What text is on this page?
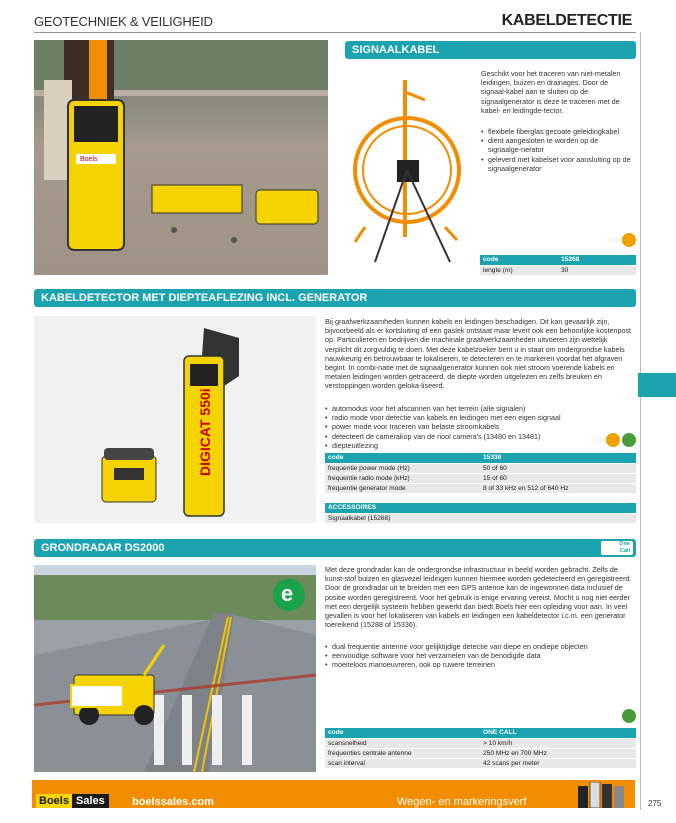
GEOTECHNIEK & VEILIGHEID	KABELDETECTIE
Boels
SIGNAALKABEL
Geschikt voor het traceren van niet-metalen leidingen, buizen en drainages. Door de signaal-kabel aan te sluiten op de signaalgenerator is deze te traceren met de kabel- en leidingde-tector.
• flexibele fiberglas gecoate geleidingkabel
• dient aangesloten te worden op de signaalge-nerator
• geleverd met kabelset voor aansluiting op de signaalgenerator
code	15268
lengte (m)	30
KABELDETECTOR MET DIEPTEAFLEZING INCL. GENERATOR
DIGICAT 550i
Bij graafwerkzaamheden kunnen kabels en leidingen beschadigen. Dit kan gevaarlijk zijn, bijvoorbeeld als er kortsluiting of een gaslek ontstaat maar levert ook een behoorlijke kostenpost op. Particulieren en bedrijven die machinale graafwerkzaamheden uitvoeren zijn wettelijk verplicht dit zorgvuldig te doen. Met deze kabelzoeker bent u in staat om ondergrondse kabels nauwkeurig en betrouwbaar te lokaliseren, te detecteren en te markeren voordat het afgraven begint. In combi-natie met de signaalgenerator kunnen ook niet stroom voerende kabels en metalen leidingen worden getraceerd, de diepte worden uitgelezen en zelfs breuken en verstoppingen worden geloka-liseerd.
• automodus voor het afscannen van het terrein (alle signalen)
• radio mode voor detectie van kabels en leidingen met een eigen signaal
• power mode voor traceren van belaste stroomkabels
• detecteert de camerakop van de riool camera's (13480 en 13481)
• diepteuitlezing
code	15336
frequentie power mode (Hz)	50 of 60
frequentie radio mode (kHz)	15 of 60
frequentie generator mode	8 of 33 kHz en 512 of 640 Hz
ACCESSOIRES
Signaalkabel (15268)
GRONDRADAR DS2000	One Call
e
Met deze grondradar kan de ondergrondse infrastructuur in beeld worden gebracht. Zelfs de kunst-stof buizen en glasvezel leidingen kunnen hiermee worden gedetecteerd en geregistreerd. Door de grondradar uit te breiden met een GPS antenne kan de ingewonnen data inclusief de positie worden geregistreerd. Voor het gebruik is enige ervaring vereist. Mocht u nog niet eerder met een dergelijk systeem hebben gewerkt dan biedt Boels hier een opleiding voor aan. In veel gevallen is voor het lokaliseren van kabels en leidingen een kabeldetector i.c.m. een generator toereikend (15288 of 15336).
• dual frequentie antenne voor gelijktijdige detectie van diepe en ondiepe objecten
• eenvoudige software voor het verzamelen van de benodigde data
• moeiteloos manoeuvreren, ook op ruwere terreinen
code	ONE CALL
scansnelheid	> 10 km/h
frequenties centrale antenne	250 MHz en 700 MHz
scan interval	42 scans per meter
Boels Sales	boelssales.com	Wegen- en markeringsverf	275
